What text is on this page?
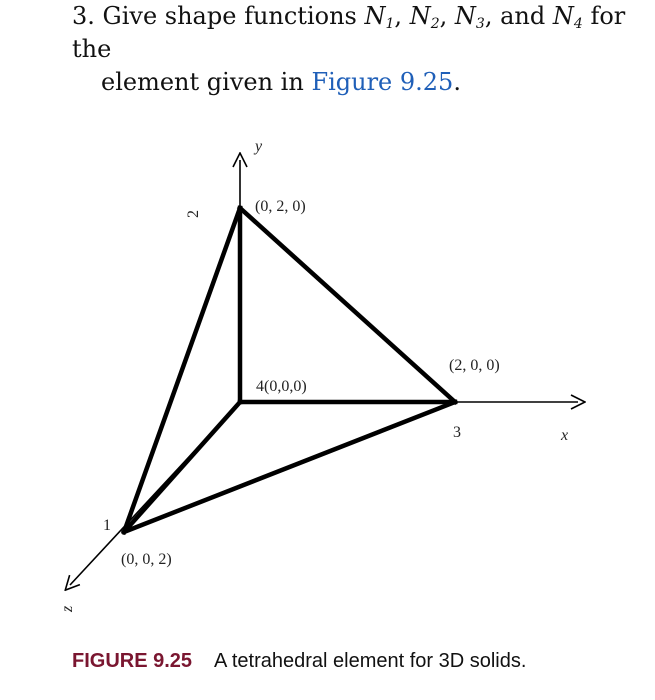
3. Give shape functions $N_1$, $N_2$, $N_3$, and $N_4$ for the
element given in Figure 9.25.
y
x
z
2	(0, 2, 0)
(2, 0, 0)
3
4(0,0,0)
1
(0, 0, 2)
FIGURE 9.25 A tetrahedral element for 3D solids.
